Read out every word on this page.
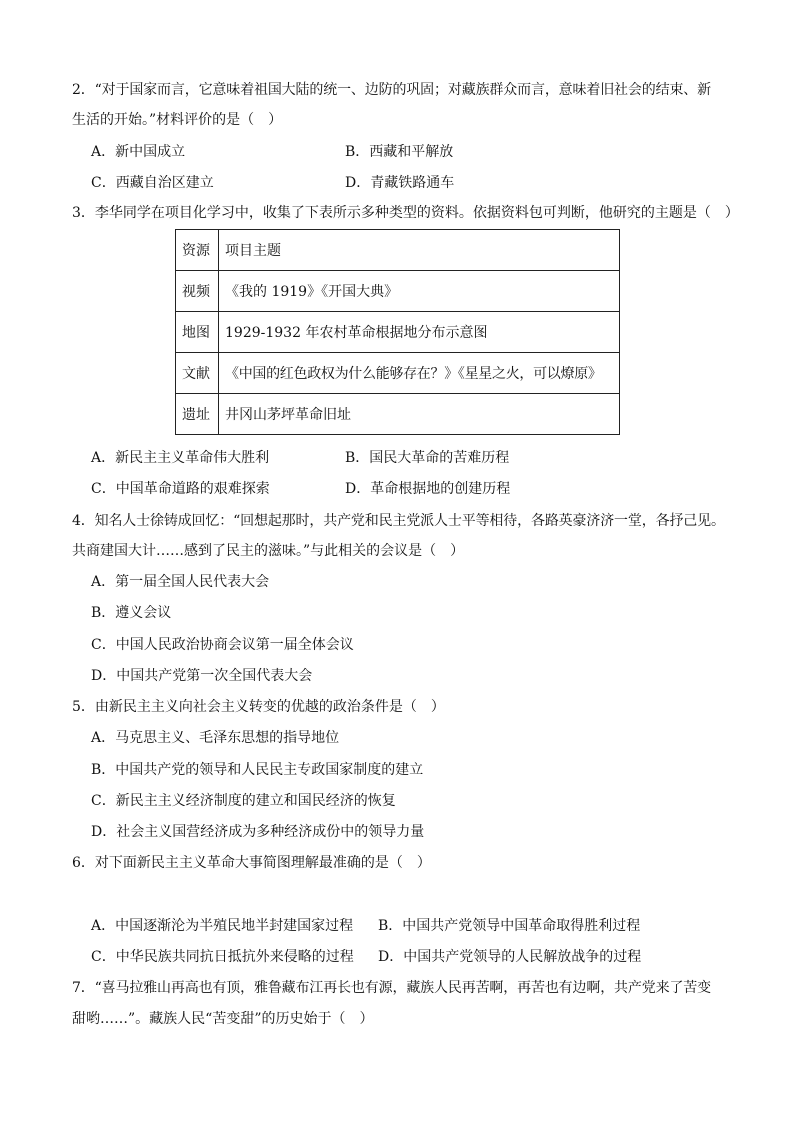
2．“对于国家而言，它意味着祖国大陆的统一、边防的巩固；对藏族群众而言，意味着旧社会的结束、新
生活的开始。”材料评价的是（　）
A．新中国成立	B．西藏和平解放
C．西藏自治区建立	D．青藏铁路通车
3．李华同学在项目化学习中，收集了下表所示多种类型的资料。依据资料包可判断，他研究的主题是（　）
资源	项目主题
视频	《我的 1919》《开国大典》
地图	1929-1932 年农村革命根据地分布示意图
文献	《中国的红色政权为什么能够存在？》《星星之火，可以燎原》
遗址	井冈山茅坪革命旧址
A．新民主主义革命伟大胜利	B．国民大革命的苦难历程
C．中国革命道路的艰难探索	D．革命根据地的创建历程
4．知名人士徐铸成回忆：“回想起那时，共产党和民主党派人士平等相待，各路英豪济济一堂，各抒己见。
共商建国大计……感到了民主的滋味。”与此相关的会议是（　）
A．第一届全国人民代表大会
B．遵义会议
C．中国人民政治协商会议第一届全体会议
D．中国共产党第一次全国代表大会
5．由新民主主义向社会主义转变的优越的政治条件是（　）
A．马克思主义、毛泽东思想的指导地位
B．中国共产党的领导和人民民主专政国家制度的建立
C．新民主主义经济制度的建立和国民经济的恢复
D．社会主义国营经济成为多种经济成份中的领导力量
6．对下面新民主主义革命大事简图理解最准确的是（　）
A．中国逐渐沦为半殖民地半封建国家过程 B．中国共产党领导中国革命取得胜利过程
C．中华民族共同抗日抵抗外来侵略的过程 D．中国共产党领导的人民解放战争的过程
7．“喜马拉雅山再高也有顶，雅鲁藏布江再长也有源，藏族人民再苦啊，再苦也有边啊，共产党来了苦变
甜哟……”。藏族人民“苦变甜”的历史始于（　）
